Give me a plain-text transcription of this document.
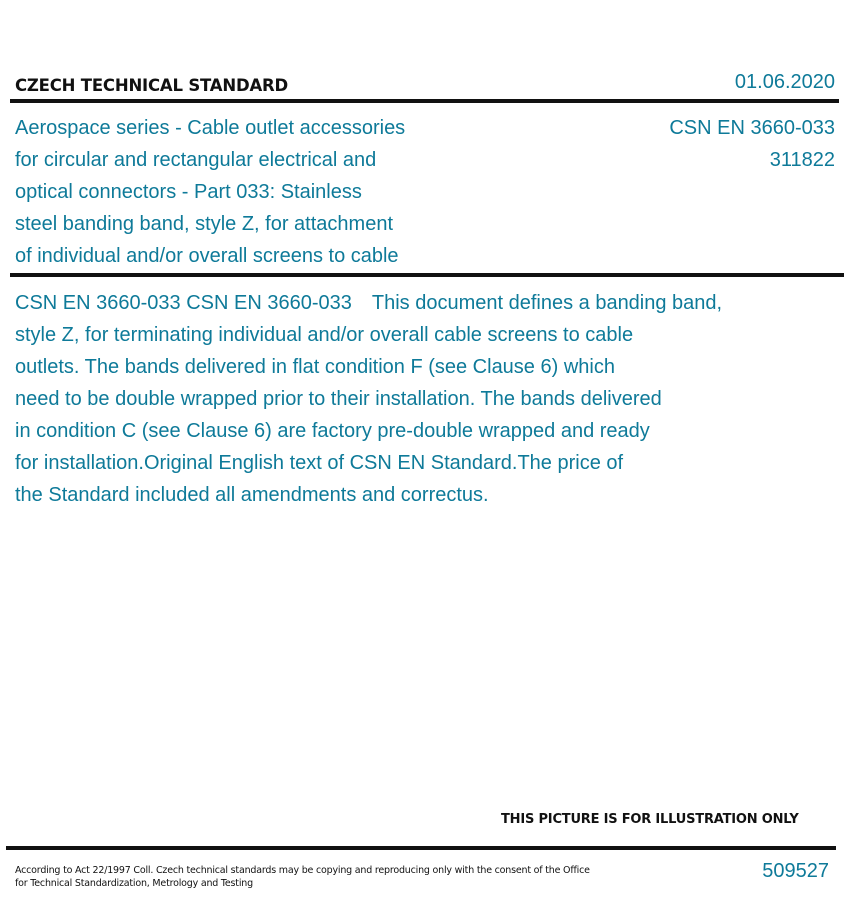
CZECH TECHNICAL STANDARD	01.06.2020
Aerospace series - Cable outlet accessories
for circular and rectangular electrical and
optical connectors - Part 033: Stainless
steel banding band, style Z, for attachment
of individual and/or overall screens to cable
CSN EN 3660-033
311822
CSN EN 3660-033 CSN EN 3660-033 This document defines a banding band,
style Z, for terminating individual and/or overall cable screens to cable
outlets. The bands delivered in flat condition F (see Clause 6) which
need to be double wrapped prior to their installation. The bands delivered
in condition C (see Clause 6) are factory pre-double wrapped and ready
for installation.Original English text of CSN EN Standard.The price of
the Standard included all amendments and correctus.
THIS PICTURE IS FOR ILLUSTRATION ONLY
According to Act 22/1997 Coll. Czech technical standards may be copying and reproducing only with the consent of the Office
for Technical Standardization, Metrology and Testing
509527
